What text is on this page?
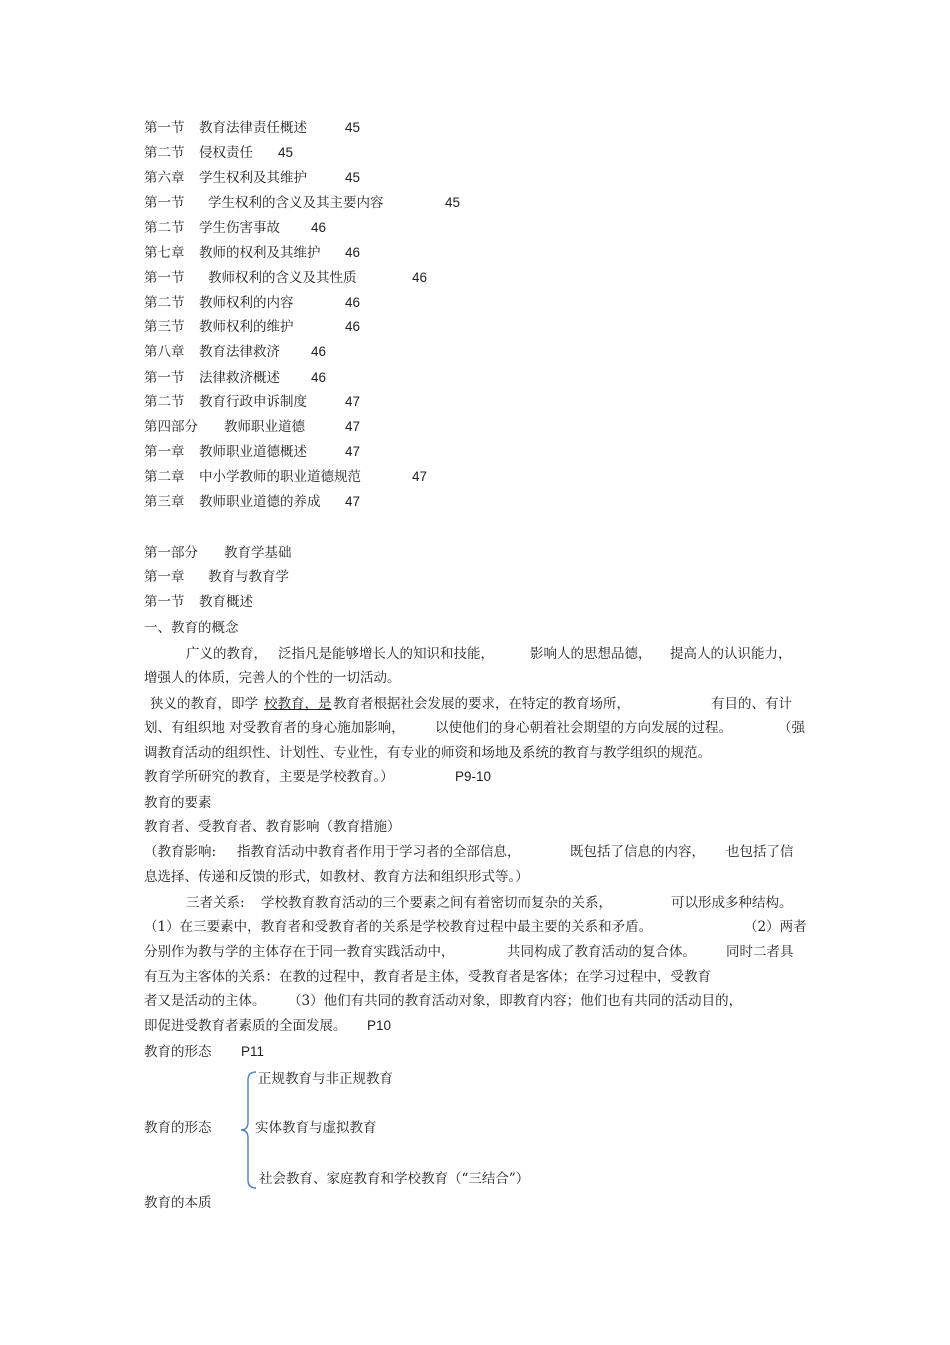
第一节 教育法律责任概述	45
第二节 侵权责任 45
第六章 学生权利及其维护	45
第一节 学生权利的含义及其主要内容	45
第二节 学生伤害事故 46
第七章 教师的权利及其维护 46
第一节 教师权利的含义及其性质	46
第二节 教师权利的内容	46
第三节 教师权利的维护	46
第八章 教育法律救济 46
第一节 法律救济概述 46
第二节 教育行政申诉制度	47
第四部分 教师职业道德	47
第一章 教师职业道德概述	47
第二章 中小学教师的职业道德规范	47
第三章 教师职业道德的养成 47
第一部分 教育学基础
第一章 教育与教育学
第一节 教育概述
一、教育的概念
广义的教育， 泛指凡是能够增长人的知识和技能，	影响人的思想品德， 提高人的认识能力，
增强人的体质，完善人的个性的一切活动。
狭义的教育，即学 校教育，是 教育者根据社会发展的要求，在特定的教育场所，	有目的、有计
划、有组织地 对受教育者的身心施加影响， 以使他们的身心朝着社会期望的方向发展的过程。	（强
调教育活动的组织性、计划性、专业性，有专业的师资和场地及系统的教育与教学组织的规范。
教育学所研究的教育，主要是学校教育。）	P9-10
教育的要素
教育者、受教育者、教育影响（教育措施）
（教育影响: 指教育活动中教育者作用于学习者的全部信息，	既包括了信息的内容， 也包括了信
息选择、传递和反馈的形式，如教材、教育方法和组织形式等。）
三者关系: 学校教育教育活动的三个要素之间有着密切而复杂的关系，	可以形成多种结构。
（1）在三要素中，教育者和受教育者的关系是学校教育过程中最主要的关系和矛盾。	（2）两者
分别作为教与学的主体存在于同一教育实践活动中，	共同构成了教育活动的复合体。 同时二者具
有互为主客体的关系：在教的过程中，教育者是主体，受教育者是客体；在学习过程中，受教育
者又是活动的主体。 （3）他们有共同的教育活动对象，即教育内容；他们也有共同的活动目的，
即促进受教育者素质的全面发展。 P10
教育的形态 P11
教育的形态
正规教育与非正规教育
实体教育与虚拟教育
社会教育、家庭教育和学校教育（“三结合”）
教育的本质
